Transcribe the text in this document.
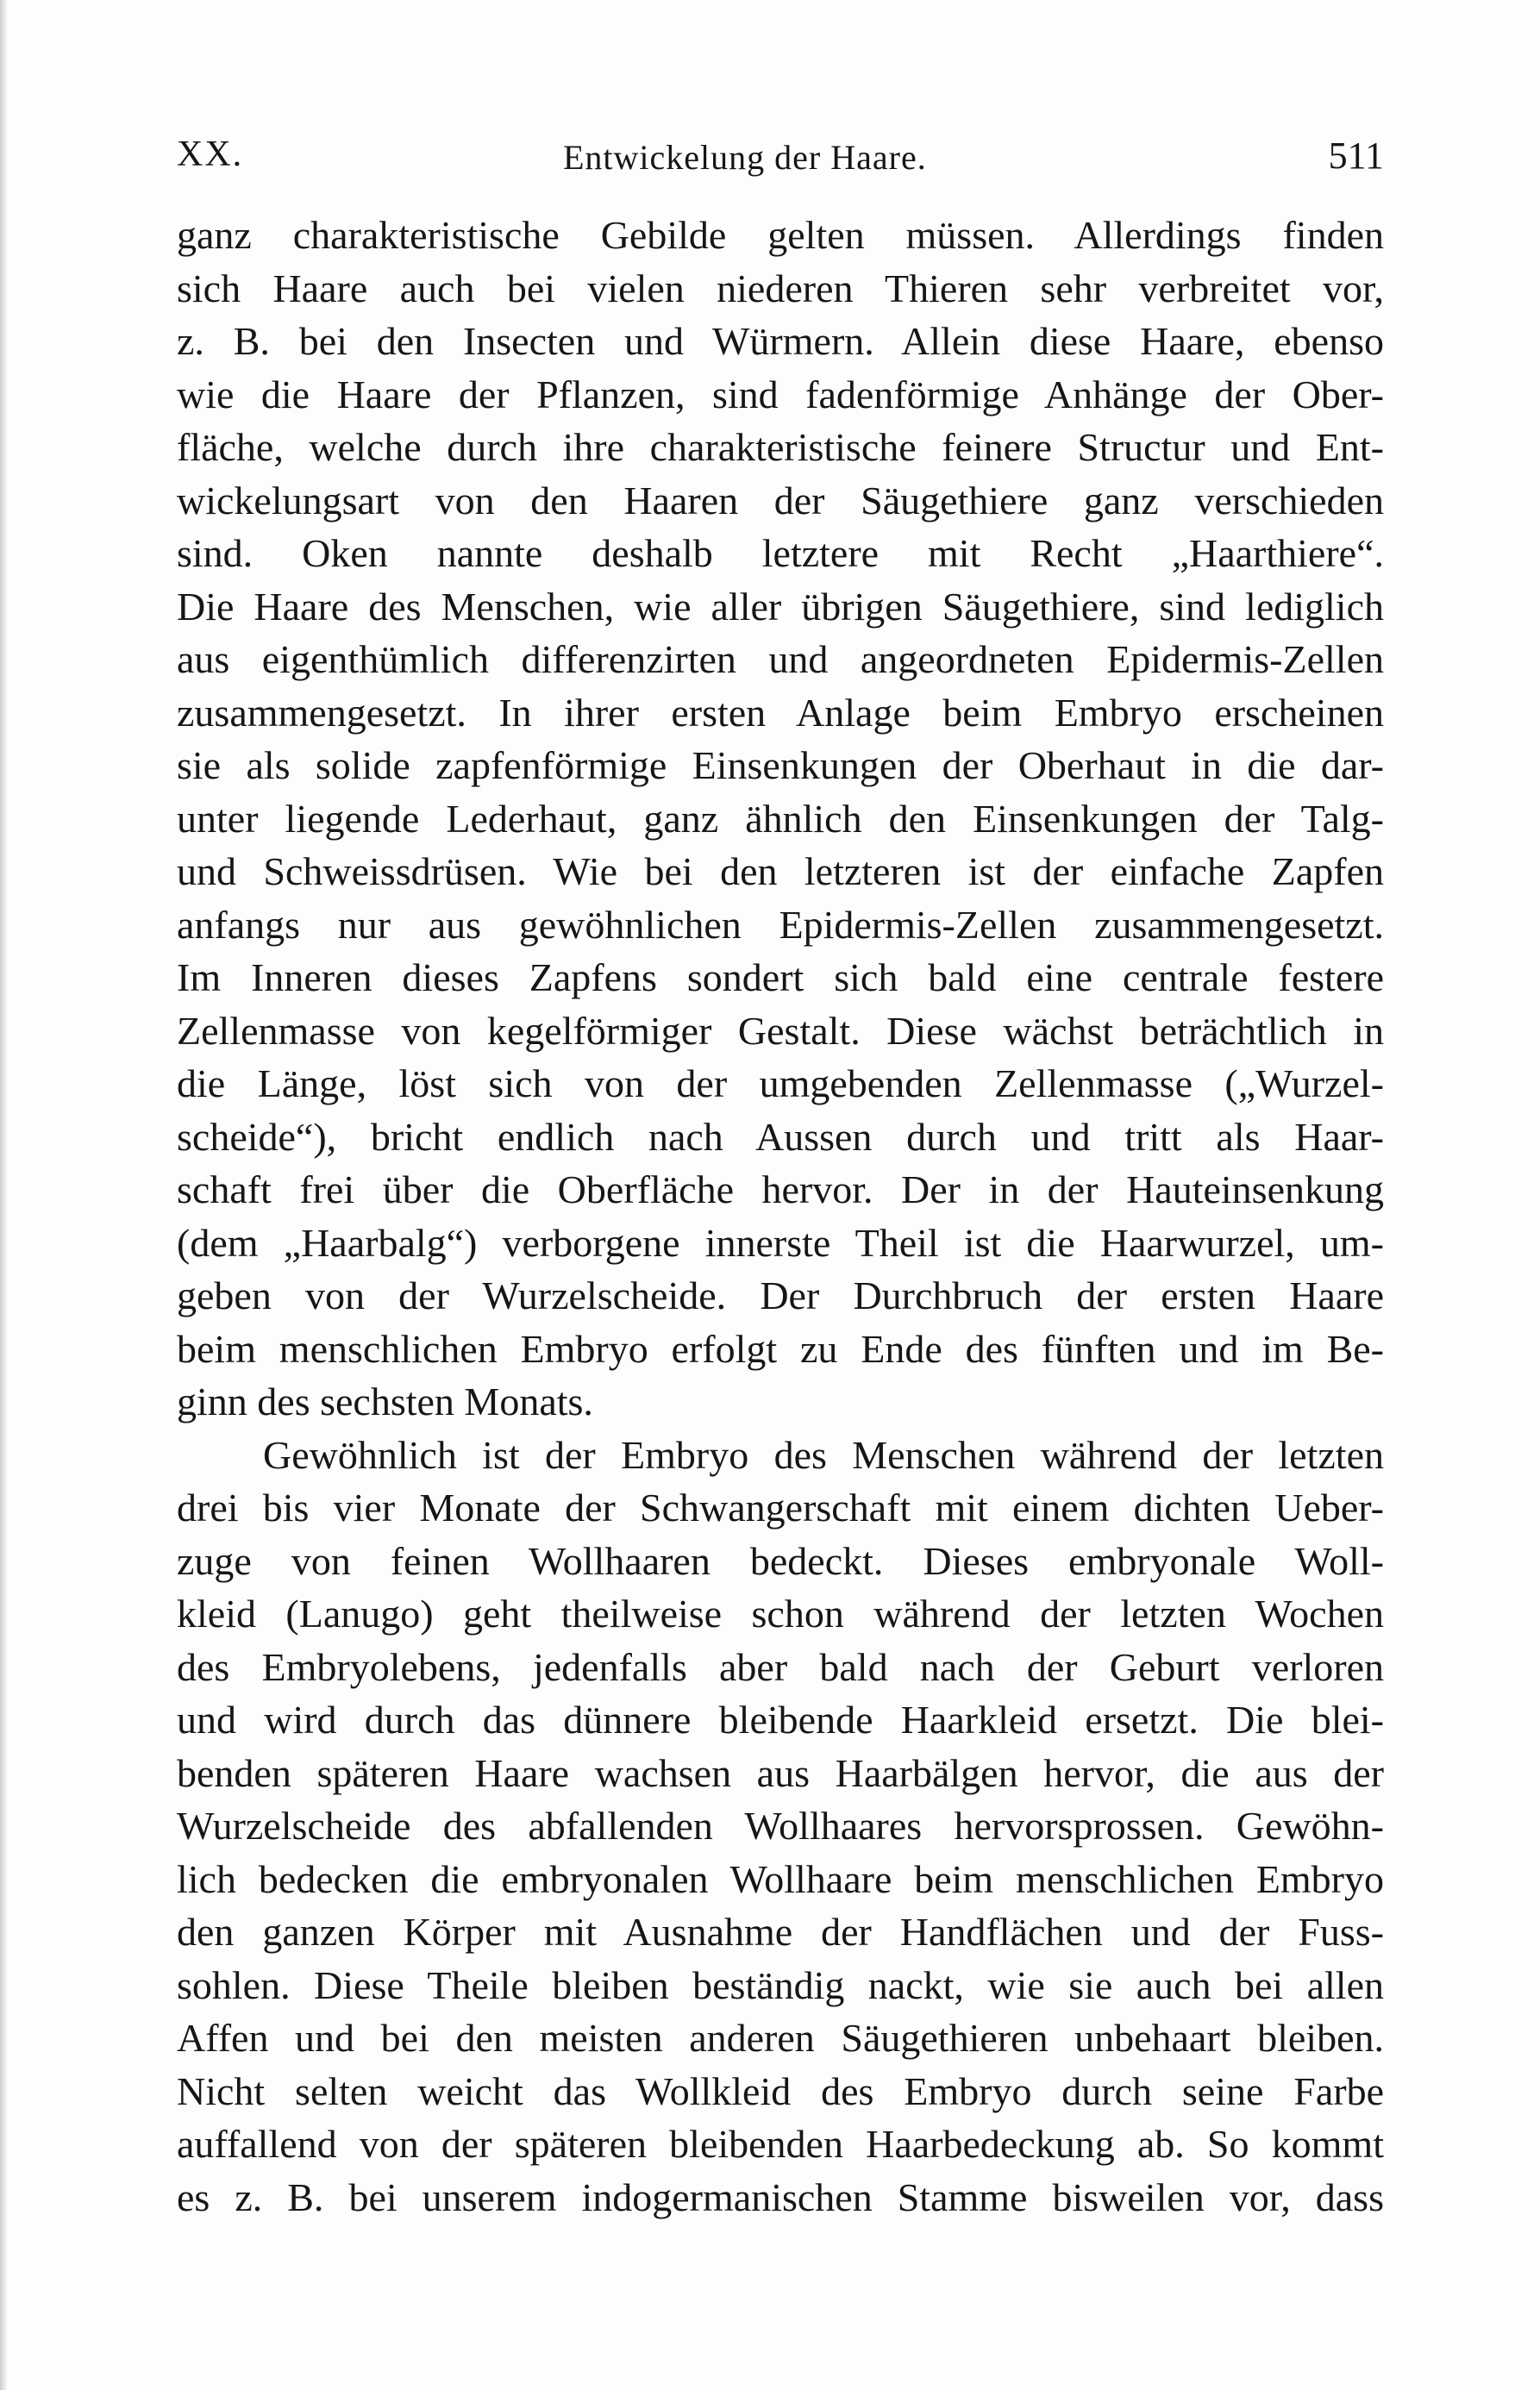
XX.	Entwickelung der Haare.	511
ganz charakteristische Gebilde gelten müssen. Allerdings finden
sich Haare auch bei vielen niederen Thieren sehr verbreitet vor,
z. B. bei den Insecten und Würmern. Allein diese Haare, ebenso
wie die Haare der Pflanzen, sind fadenförmige Anhänge der Ober-
fläche, welche durch ihre charakteristische feinere Structur und Ent-
wickelungsart von den Haaren der Säugethiere ganz verschieden
sind. Oken nannte deshalb letztere mit Recht „Haarthiere“.
Die Haare des Menschen, wie aller übrigen Säugethiere, sind lediglich
aus eigenthümlich differenzirten und angeordneten Epidermis-Zellen
zusammengesetzt. In ihrer ersten Anlage beim Embryo erscheinen
sie als solide zapfenförmige Einsenkungen der Oberhaut in die dar-
unter liegende Lederhaut, ganz ähnlich den Einsenkungen der Talg-
und Schweissdrüsen. Wie bei den letzteren ist der einfache Zapfen
anfangs nur aus gewöhnlichen Epidermis-Zellen zusammengesetzt.
Im Inneren dieses Zapfens sondert sich bald eine centrale festere
Zellenmasse von kegelförmiger Gestalt. Diese wächst beträchtlich in
die Länge, löst sich von der umgebenden Zellenmasse („Wurzel-
scheide“), bricht endlich nach Aussen durch und tritt als Haar-
schaft frei über die Oberfläche hervor. Der in der Hauteinsenkung
(dem „Haarbalg“) verborgene innerste Theil ist die Haarwurzel, um-
geben von der Wurzelscheide. Der Durchbruch der ersten Haare
beim menschlichen Embryo erfolgt zu Ende des fünften und im Be-
ginn des sechsten Monats.
Gewöhnlich ist der Embryo des Menschen während der letzten
drei bis vier Monate der Schwangerschaft mit einem dichten Ueber-
zuge von feinen Wollhaaren bedeckt. Dieses embryonale Woll-
kleid (Lanugo) geht theilweise schon während der letzten Wochen
des Embryolebens, jedenfalls aber bald nach der Geburt verloren
und wird durch das dünnere bleibende Haarkleid ersetzt. Die blei-
benden späteren Haare wachsen aus Haarbälgen hervor, die aus der
Wurzelscheide des abfallenden Wollhaares hervorsprossen. Gewöhn-
lich bedecken die embryonalen Wollhaare beim menschlichen Embryo
den ganzen Körper mit Ausnahme der Handflächen und der Fuss-
sohlen. Diese Theile bleiben beständig nackt, wie sie auch bei allen
Affen und bei den meisten anderen Säugethieren unbehaart bleiben.
Nicht selten weicht das Wollkleid des Embryo durch seine Farbe
auffallend von der späteren bleibenden Haarbedeckung ab. So kommt
es z. B. bei unserem indogermanischen Stamme bisweilen vor, dass
